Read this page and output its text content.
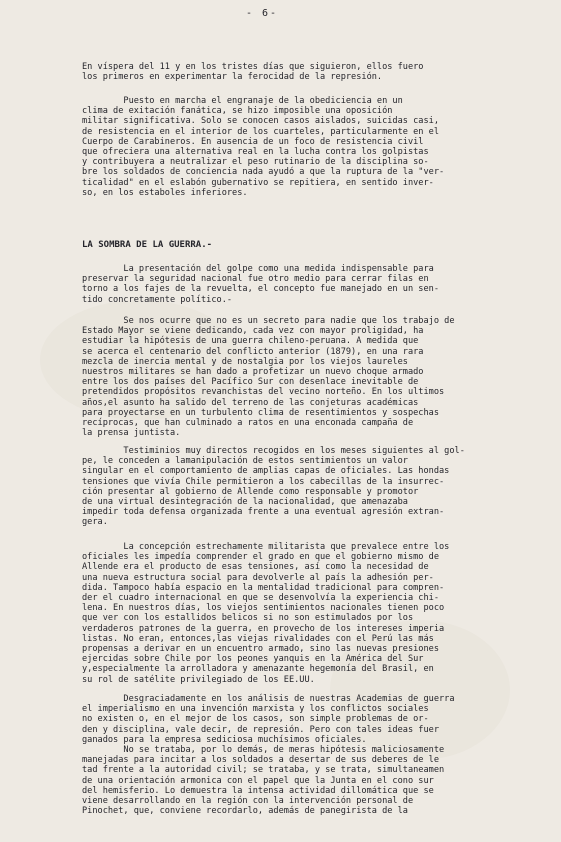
- 6-

En víspera del 11 y en los tristes días que siguieron, ellos fuero
los primeros en experimentar la ferocidad de la represión.

Puesto en marcha el engranaje de la obediciencia en un
clima de exitación fanática, se hizo imposible una oposición
militar significativa. Solo se conocen casos aislados, suicidas casi,
de resistencia en el interior de los cuarteles, particularmente en el
Cuerpo de Carabineros. En ausencia de un foco de resistencia civil
que ofreciera una alternativa real en la lucha contra los golpistas
y contribuyera a neutralizar el peso rutinario de la disciplina so-
bre los soldados de conciencia nada ayudó a que la ruptura de la "ver-
ticalidad" en el eslabón gubernativo se repitiera, en sentido inver-
so, en los estaboles inferiores.

LA SOMBRA DE LA GUERRA.-

La presentación del golpe como una medida indispensable para
preservar la seguridad nacional fue otro medio para cerrar filas en
torno a los fajes de la revuelta, el concepto fue manejado en un sen-
tido concretamente político.-

Se nos ocurre que no es un secreto para nadie que los trabajo de
Estado Mayor se viene dedicando, cada vez con mayor proligidad, ha
estudiar la hipótesis de una guerra chileno-peruana. A medida que
se acerca el centenario del conflicto anterior (1879), en una rara
mezcla de inercia mental y de nostalgia por los viejos laureles
nuestros militares se han dado a profetizar un nuevo choque armado
entre los dos países del Pacífico Sur con desenlace inevitable de
pretendidos propósitos revanchistas del vecino norteño. En los ultimos
años,el asunto ha salido del terreno de las conjeturas académicas
para proyectarse en un turbulento clima de resentimientos y sospechas
recíprocas, que han culminado a ratos en una enconada campaña de
la prensa juntista.

Testiminios muy directos recogidos en los meses siguientes al gol-
pe, le conceden a lamanipulación de estos sentimientos un valor
singular en el comportamiento de amplias capas de oficiales. Las hondas
tensiones que vivía Chile permitieron a los cabecillas de la insurrec-
ción presentar al gobierno de Allende como responsable y promotor
de una virtual desintegración de la nacionalidad, que amenazaba
impedir toda defensa organizada frente a una eventual agresión extran-
gera.

La concepción estrechamente militarista que prevalece entre los
oficiales les impedía comprender el grado en que el gobierno mismo de
Allende era el producto de esas tensiones, así como la necesidad de
una nueva estructura social para devolverle al país la adhesión per-
dida. Tampoco había espacio en la mentalidad tradicional para compren-
der el cuadro internacional en que se desenvolvía la experiencia chi-
lena. En nuestros días, los viejos sentimientos nacionales tienen poco
que ver con los estallidos belicos si no son estimulados por los
verdaderos patrones de la guerra, en provecho de los intereses imperia
listas. No eran, entonces,las viejas rivalidades con el Perú las más
propensas a derivar en un encuentro armado, sino las nuevas presiones
ejercidas sobre Chile por los peones yanquis en la América del Sur
y,especialmente la arrolladora y amenazante hegemonía del Brasil, en
su rol de satélite privilegiado de los EE.UU.

Desgraciadamente en los análisis de nuestras Academias de guerra
el imperialismo en una invención marxista y los conflictos sociales
no existen o, en el mejor de los casos, son simple problemas de or-
den y disciplina, vale decir, de represión. Pero con tales ideas fuer
ganados para la empresa sediciosa muchísimos oficiales.
No se trataba, por lo demás, de meras hipótesis maliciosamente
manejadas para incitar a los soldados a desertar de sus deberes de le
tad frente a la autoridad civil; se trataba, y se trata, simultaneamen
de una orientación armonica con el papel que la Junta en el cono sur
del hemisferio. Lo demuestra la intensa actividad dillomática que se
viene desarrollando en la región con la intervención personal de
Pinochet, que, conviene recordarlo, además de panegirista de la
